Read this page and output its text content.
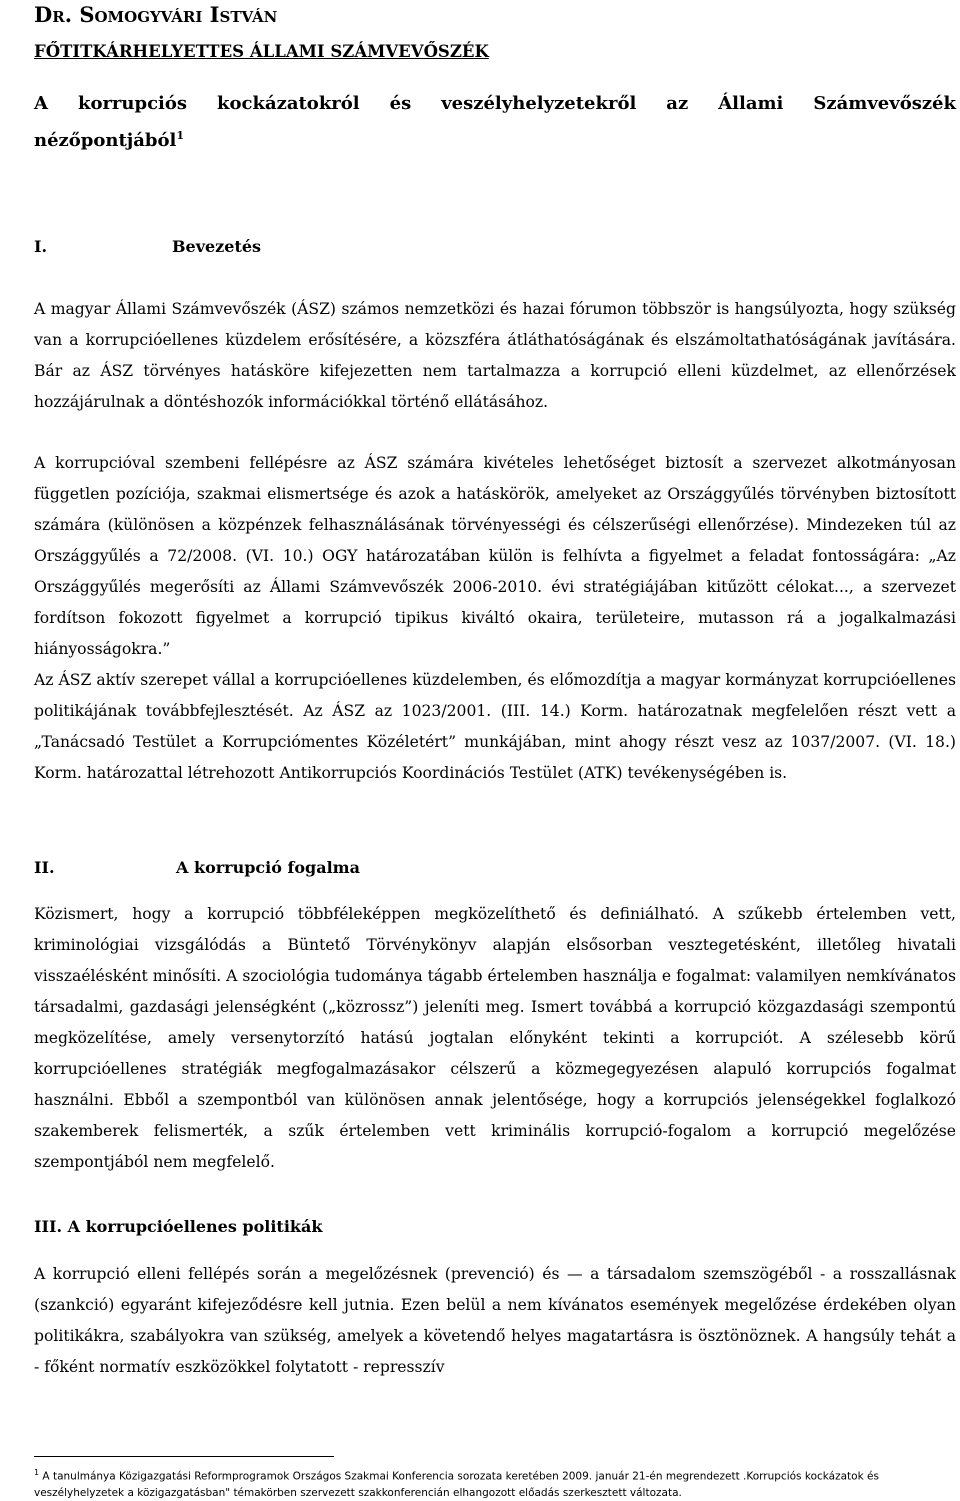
Dr. Somogyvári István
FŐTITKÁRHELYETTES ÁLLAMI SZÁMVEVŐSZÉK
A korrupciós kockázatokról és veszélyhelyzetekről az Állami Számvevőszék
nézőpontjából$^1$
I.	Bevezetés
A magyar Állami Számvevőszék (ÁSZ) számos nemzetközi és hazai fórumon többször is hangsúlyozta, hogy szükség van a korrupcióellenes küzdelem erősítésére, a közszféra átláthatóságának és elszámoltathatóságának javítására. Bár az ÁSZ törvényes hatásköre kifejezetten nem tartalmazza a korrupció elleni küzdelmet, az ellenőrzések hozzájárulnak a döntéshozók információkkal történő ellátásához.
A korrupcióval szembeni fellépésre az ÁSZ számára kivételes lehetőséget biztosít a szervezet alkotmányosan független pozíciója, szakmai elismertsége és azok a hatáskörök, amelyeket az Országgyűlés törvényben biztosított számára (különösen a közpénzek felhasználásának törvényességi és célszerűségi ellenőrzése). Mindezeken túl az Országgyűlés a 72/2008. (VI. 10.) OGY határozatában külön is felhívta a figyelmet a feladat fontosságára: „Az Országgyűlés megerősíti az Állami Számvevőszék 2006-2010. évi stratégiájában kitűzött célokat..., a szervezet fordítson fokozott figyelmet a korrupció tipikus kiváltó okaira, területeire, mutasson rá a jogalkalmazási hiányosságokra.”
Az ÁSZ aktív szerepet vállal a korrupcióellenes küzdelemben, és előmozdítja a magyar kormányzat korrupcióellenes politikájának továbbfejlesztését. Az ÁSZ az 1023/2001. (III. 14.) Korm. határozatnak megfelelően részt vett a „Tanácsadó Testület a Korrupciómentes Közéletért” munkájában, mint ahogy részt vesz az 1037/2007. (VI. 18.) Korm. határozattal létrehozott Antikorrupciós Koordinációs Testület (ATK) tevékenységében is.
II.	A korrupció fogalma
Közismert, hogy a korrupció többféleképpen megközelíthető és definiálható. A szűkebb értelemben vett, kriminológiai vizsgálódás a Büntető Törvénykönyv alapján elsősorban vesztegetésként, illetőleg hivatali visszaélésként minősíti. A szociológia tudománya tágabb értelemben használja e fogalmat: valamilyen nemkívánatos társadalmi, gazdasági jelenségként („közrossz”) jeleníti meg. Ismert továbbá a korrupció közgazdasági szempontú megközelítése, amely versenytorzító hatású jogtalan előnyként tekinti a korrupciót. A szélesebb körű korrupcióellenes stratégiák megfogalmazásakor célszerű a közmegegyezésen alapuló korrupciós fogalmat használni. Ebből a szempontból van különösen annak jelentősége, hogy a korrupciós jelenségekkel foglalkozó szakemberek felismerték, a szűk értelemben vett kriminális korrupció-fogalom a korrupció megelőzése szempontjából nem megfelelő.
III. A korrupcióellenes politikák
A korrupció elleni fellépés során a megelőzésnek (prevenció) és — a társadalom szemszögéből - a rosszallásnak (szankció) egyaránt kifejeződésre kell jutnia. Ezen belül a nem kívánatos események megelőzése érdekében olyan politikákra, szabályokra van szükség, amelyek a követendő helyes magatartásra is ösztönöznek. A hangsúly tehát a - főként normatív eszközökkel folytatott - represszív
$^1$ A tanulmánya Közigazgatási Reformprogramok Országos Szakmai Konferencia sorozata keretében 2009. január 21-én megrendezett .Korrupciós kockázatok és veszélyhelyzetek a közigazgatásban" témakörben szervezett szakkonferencián elhangozott előadás szerkesztett változata.
